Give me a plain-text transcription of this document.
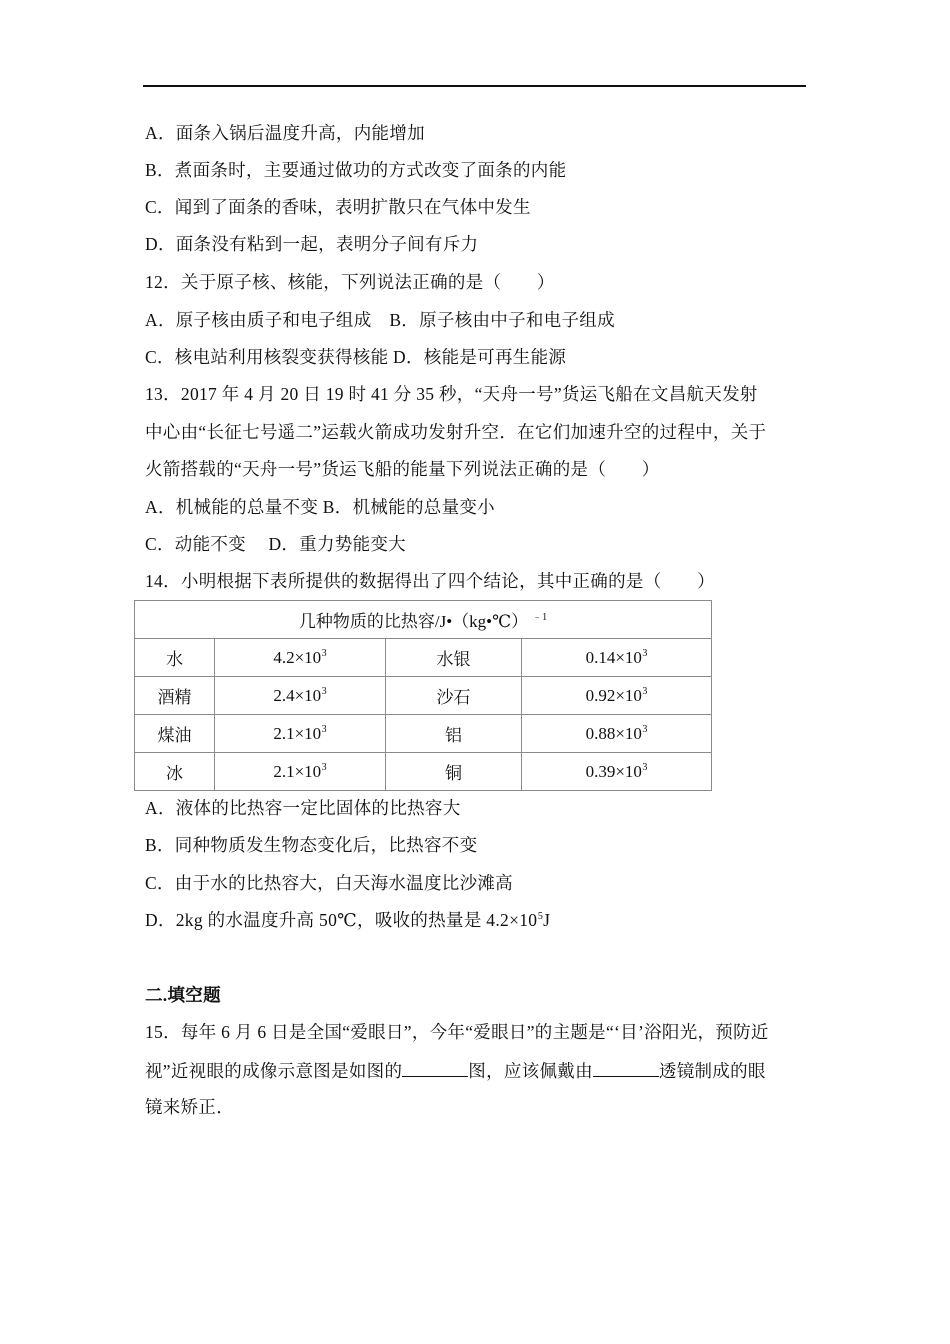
A．面条入锅后温度升高，内能增加
B．煮面条时，主要通过做功的方式改变了面条的内能
C．闻到了面条的香味，表明扩散只在气体中发生
D．面条没有粘到一起，表明分子间有斥力
12．关于原子核、核能，下列说法正确的是（　　）
A．原子核由质子和电子组成　B．原子核由中子和电子组成
C．核电站利用核裂变获得核能 D．核能是可再生能源
13．2017 年 4 月 20 日 19 时 41 分 35 秒，“天舟一号”货运飞船在文昌航天发射
中心由“长征七号遥二”运载火箭成功发射升空．在它们加速升空的过程中，关于
火箭搭载的“天舟一号”货运飞船的能量下列说法正确的是（　　）
A．机械能的总量不变 B．机械能的总量变小
C．动能不变　 D．重力势能变大
14．小明根据下表所提供的数据得出了四个结论，其中正确的是（　　）
几种物质的比热容/J•（kg•℃） $^{﹣1}$
水	$4.2\times 10^3$	水银	$0.14\times 10^3$
酒精	$2.4\times 10^3$	沙石	$0.92\times 10^3$
煤油	$2.1\times 10^3$	铝	$0.88\times 10^3$
冰	$2.1\times 10^3$	铜	$0.39\times 10^3$
A．液体的比热容一定比固体的比热容大
B．同种物质发生物态变化后，比热容不变
C．由于水的比热容大，白天海水温度比沙滩高
D．2kg 的水温度升高 50℃，吸收的热量是 $4.2\times 10^5J$
二.填空题
15．每年 6 月 6 日是全国“爱眼日”，今年“爱眼日”的主题是“‘目’浴阳光，预防近
视”近视眼的成像示意图是如图的	图，应该佩戴由	透镜制成的眼
镜来矫正．
